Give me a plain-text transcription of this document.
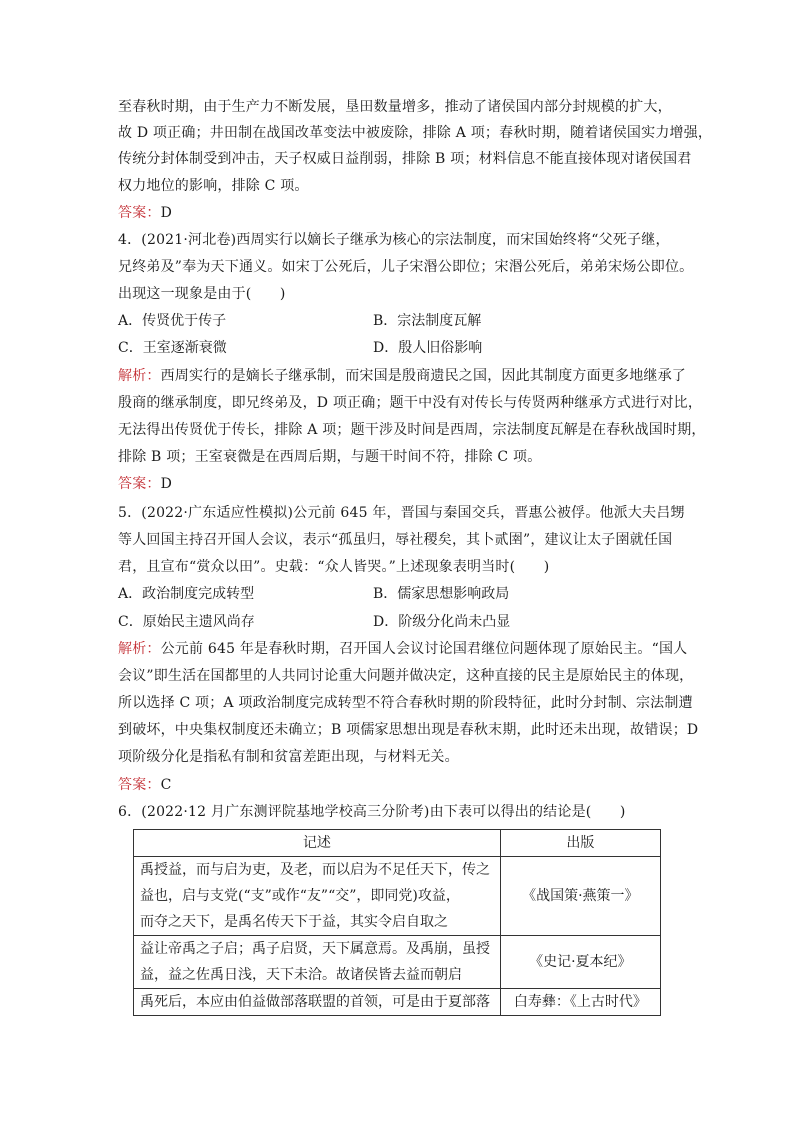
至春秋时期，由于生产力不断发展，垦田数量增多，推动了诸侯国内部分封规模的扩大，
故 D 项正确；井田制在战国改革变法中被废除，排除 A 项；春秋时期，随着诸侯国实力增强，
传统分封体制受到冲击，天子权威日益削弱，排除 B 项；材料信息不能直接体现对诸侯国君
权力地位的影响，排除 C 项。
答案：D
4．(2021·河北卷)西周实行以嫡长子继承为核心的宗法制度，而宋国始终将“父死子继，
兄终弟及”奉为天下通义。如宋丁公死后，儿子宋湣公即位；宋湣公死后，弟弟宋炀公即位。
出现这一现象是由于(　　)
A．传贤优于传子	B．宗法制度瓦解
C．王室逐渐衰微	D．殷人旧俗影响
解析：西周实行的是嫡长子继承制，而宋国是殷商遗民之国，因此其制度方面更多地继承了
殷商的继承制度，即兄终弟及，D 项正确；题干中没有对传长与传贤两种继承方式进行对比，
无法得出传贤优于传长，排除 A 项；题干涉及时间是西周，宗法制度瓦解是在春秋战国时期，
排除 B 项；王室衰微是在西周后期，与题干时间不符，排除 C 项。
答案：D
5．(2022·广东适应性模拟)公元前 645 年，晋国与秦国交兵，晋惠公被俘。他派大夫吕甥
等人回国主持召开国人会议，表示“孤虽归，辱社稷矣，其卜贰圉”，建议让太子圉就任国
君，且宣布“赏众以田”。史载：“众人皆哭。”上述现象表明当时(　　)
A．政治制度完成转型	B．儒家思想影响政局
C．原始民主遗风尚存	D．阶级分化尚未凸显
解析：公元前 645 年是春秋时期，召开国人会议讨论国君继位问题体现了原始民主。“国人
会议”即生活在国都里的人共同讨论重大问题并做决定，这种直接的民主是原始民主的体现，
所以选择 C 项；A 项政治制度完成转型不符合春秋时期的阶段特征，此时分封制、宗法制遭
到破坏，中央集权制度还未确立；B 项儒家思想出现是春秋末期，此时还未出现，故错误；D
项阶级分化是指私有制和贫富差距出现，与材料无关。
答案：C
6．(2022·12 月广东测评院基地学校高三分阶考)由下表可以得出的结论是(　　)
记述	出版

禹授益，而与启为吏，及老，而以启为不足任天下，传之
益也，启与支党(“支”或作“友”“交”，即同党)攻益，
而夺之天下，是禹名传天下于益，其实令启自取之	《战国策·燕策一》

益让帝禹之子启；禹子启贤，天下属意焉。及禹崩，虽授
益，益之佐禹日浅，天下未洽。故诸侯皆去益而朝启	《史记·夏本纪》

禹死后，本应由伯益做部落联盟的首领，可是由于夏部落	白寿彝：《上古时代》
